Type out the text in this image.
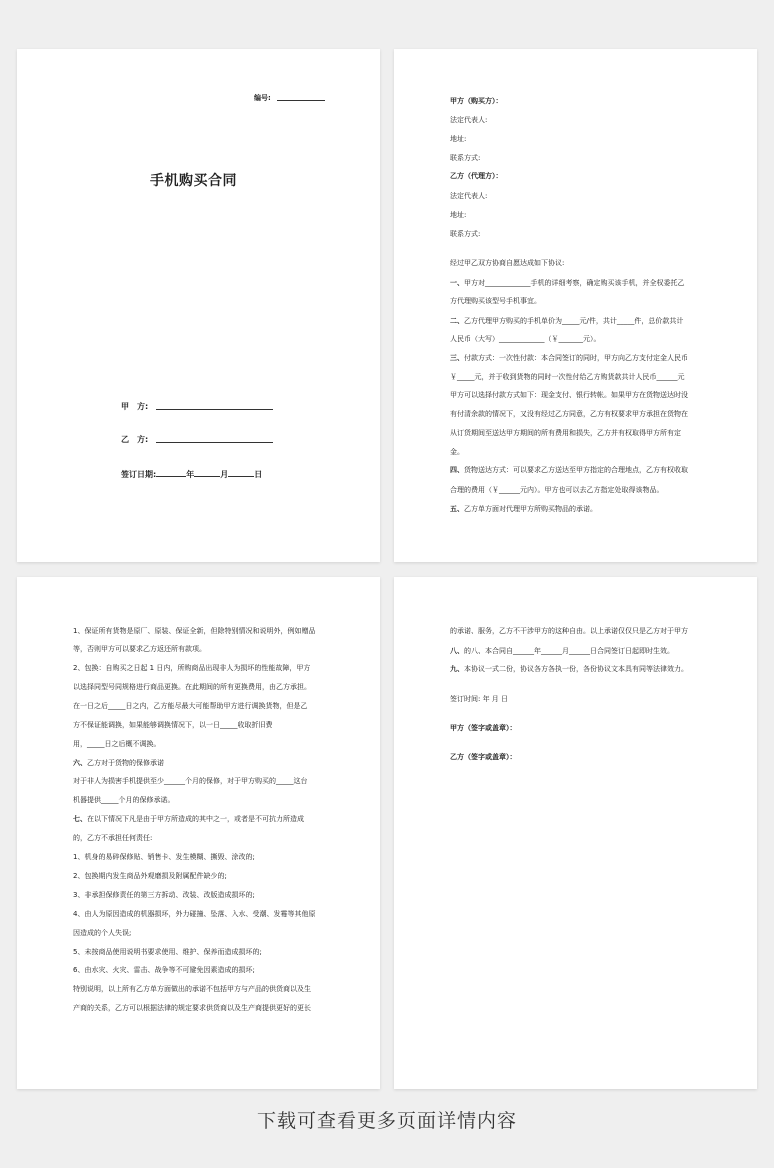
编号:
手机购买合同
甲　方:
乙　方:
签订日期:	年	月	日
甲方（购买方）：
法定代表人:
地址:
联系方式:
乙方（代理方）：
法定代表人:
地址:
联系方式:
经过甲乙双方协商自愿达成如下协议:
一、甲方对_____________手机的详细考察，确定购买该手机，并全权委托乙
方代理购买该型号手机事宜。
二、乙方代理甲方购买的手机单价为_____元/件，共计_____件，总价款共计
人民币（大写）_____________（￥_______元）。
三、付款方式：一次性付款：本合同签订的同时，甲方向乙方支付定金人民币
￥_____元，并于收到货物的同时一次性付给乙方购货款共计人民币______元
甲方可以选择付款方式如下：现金支付、银行转帐。如果甲方在货物送达时没
有付清余款的情况下，又没有经过乙方同意，乙方有权要求甲方承担在货物在
从订货期间至送达甲方期间的所有费用和损失，乙方并有权取得甲方所有定
金。
四、货物送达方式：可以要求乙方送达至甲方指定的合理地点，乙方有权收取
合理的费用（￥______元内）。甲方也可以去乙方指定处取得该物品。
五、乙方单方面对代理甲方所购买物品的承诺。
1、保证所有货物是原厂、原装、保证全新，但除特别情况和说明外，例如赠品
等，否则甲方可以要求乙方返还所有款项。
2、包换：自购买之日起 1 日内，所购商品出现非人为损坏的性能故障，甲方
以选择同型号同规格进行商品更换。在此期间的所有更换费用，由乙方承担。
在一日之后_____日之内，乙方能尽最大可能帮助甲方进行调换货物，但是乙
方不保证能调换，如果能够调换情况下，以一日_____收取折旧费
用，_____日之后概不调换。
六、乙方对于货物的保修承诺
对于非人为损害手机提供至少______个月的保修，对于甲方购买的_____这台
机器提供_____个月的保修承诺。
七、在以下情况下凡是由于甲方所造成的其中之一，或者是不可抗力所造成
的，乙方不承担任何责任:
1、机身的易碎保修贴、销售卡、发生模糊、撕毁、涂改的;
2、包换期内发生商品外观磨损及附属配件缺少的;
3、非承担保修责任的第三方拆动、改装、改版造成损坏的;
4、由人为原因造成的机器损坏，外力碰撞、坠落、入水、受潮、发霉等其他原
因造成的个人失误;
5、未按商品使用说明书要求使用、维护、保养而造成损坏的;
6、由水灾、火灾、雷击、战争等不可避免因素造成的损坏;
特别说明，以上所有乙方单方面做出的承诺不包括甲方与产品的供货商以及生
产商的关系，乙方可以根据法律的规定要求供货商以及生产商提供更好的更长
的承诺、服务，乙方不干涉甲方的这种自由。以上承诺仅仅只是乙方对于甲方
八、的八、本合同自______年______月______日合同签订日起即时生效。
九、本协议一式二份，协议各方各执一份，各份协议文本具有同等法律效力。
签订时间: 年 月 日
甲方（签字或盖章）：
乙方（签字或盖章）：
下载可查看更多页面详情内容
